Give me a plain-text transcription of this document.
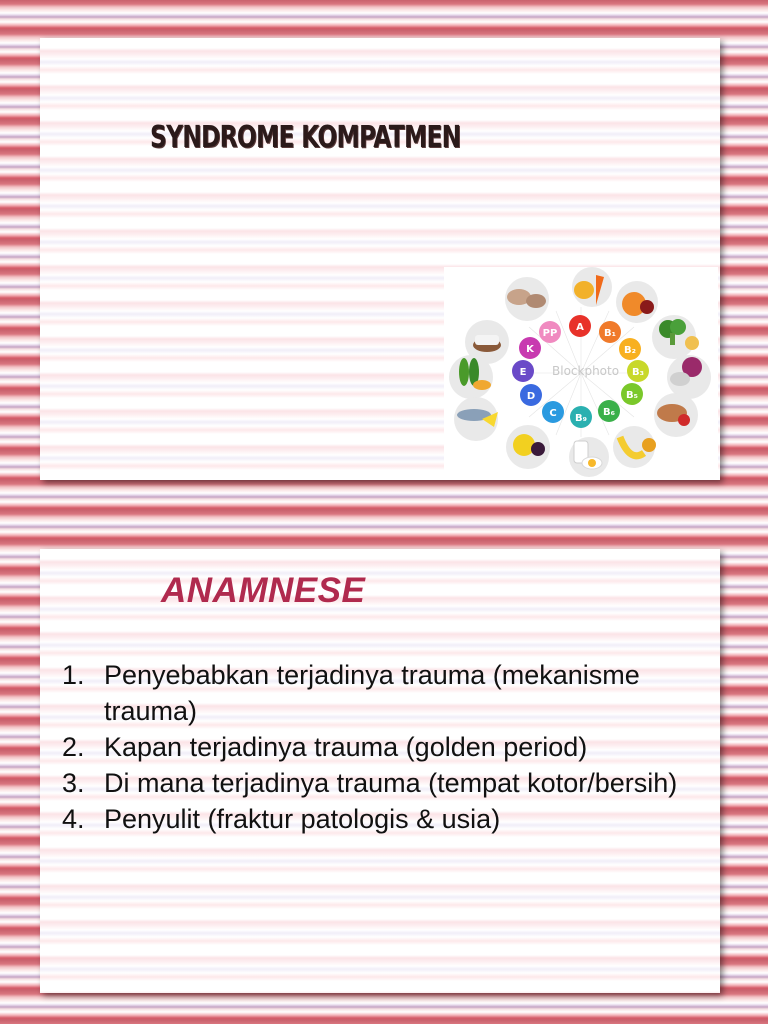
SYNDROME KOMPATMEN
Blockphoto
PP
A
B₁
B₂
B₃
B₅
B₆
B₉
C
D
E
K
ANAMNESE
1. Penyebabkan terjadinya trauma (mekanisme trauma)
2. Kapan terjadinya trauma (golden period)
3. Di mana terjadinya trauma (tempat kotor/bersih)
4. Penyulit (fraktur patologis & usia)
